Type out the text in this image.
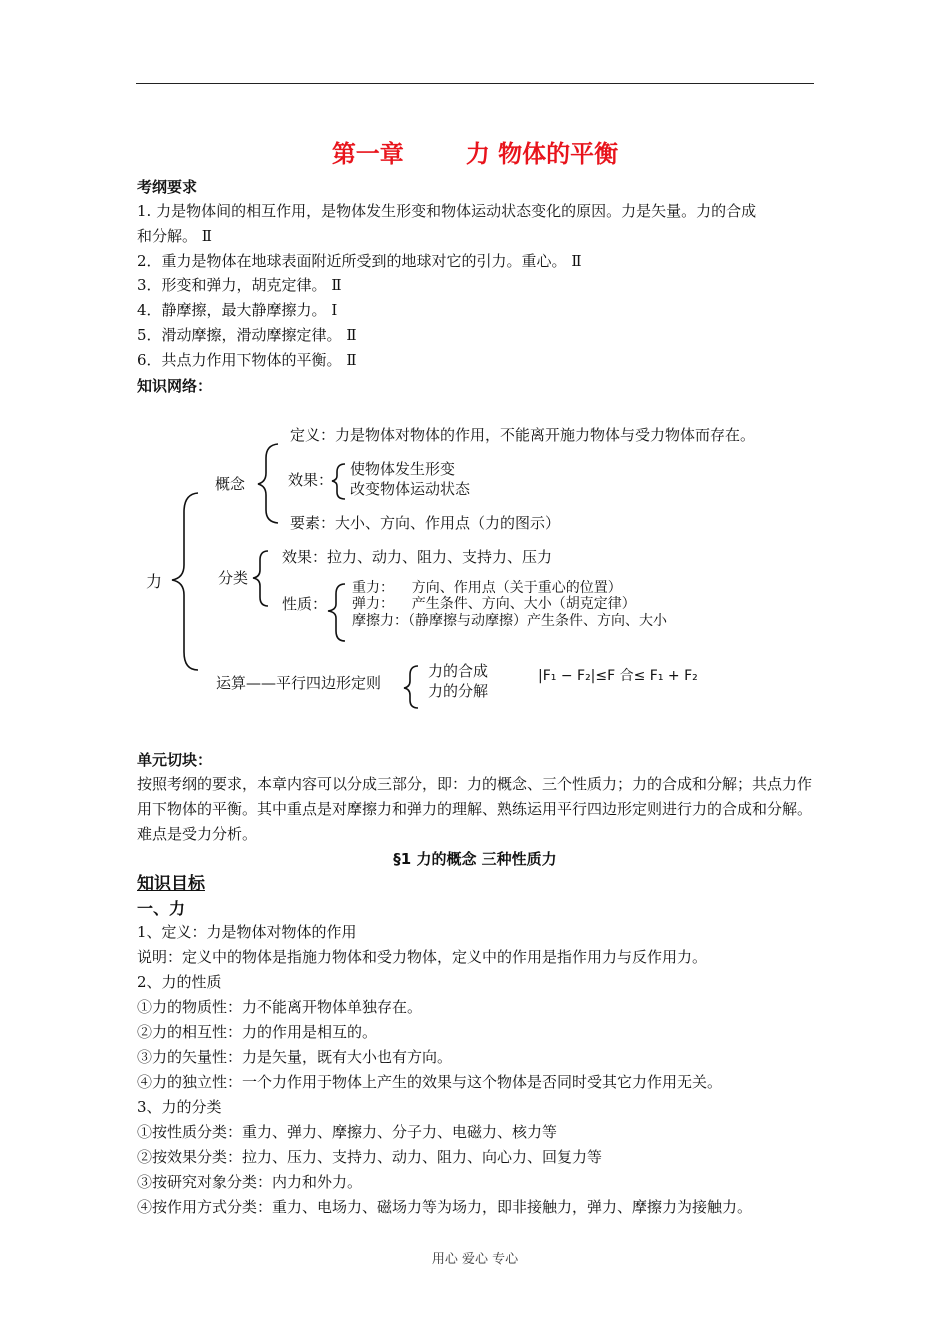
第一章	力 物体的平衡
考纲要求
1. 力是物体间的相互作用，是物体发生形变和物体运动状态变化的原因。力是矢量。力的合成
和分解。 Ⅱ
2．重力是物体在地球表面附近所受到的地球对它的引力。重心。 Ⅱ
3．形变和弹力，胡克定律。 Ⅱ
4．静摩擦，最大静摩擦力。 Ⅰ
5．滑动摩擦，滑动摩擦定律。 Ⅱ
6．共点力作用下物体的平衡。 Ⅱ
知识网络：
力
概念
定义：力是物体对物体的作用，不能离开施力物体与受力物体而存在。
效果：
使物体发生形变
改变物体运动状态
要素：大小、方向、作用点（力的图示）
分类
效果：拉力、动力、阻力、支持力、压力
性质：
重力：    方向、作用点（关于重心的位置）
弹力：    产生条件、方向、大小（胡克定律）
摩擦力：（静摩擦与动摩擦）产生条件、方向、大小
运算——平行四边形定则
力的合成
力的分解
|F₁ − F₂|≤F 合≤ F₁ + F₂
单元切块：
按照考纲的要求，本章内容可以分成三部分，即：力的概念、三个性质力；力的合成和分解；共点力作用下物体的平衡。其中重点是对摩擦力和弹力的理解、熟练运用平行四边形定则进行力的合成和分解。难点是受力分析。
§1 力的概念 三种性质力
知识目标
一、力
1、定义：力是物体对物体的作用
说明：定义中的物体是指施力物体和受力物体，定义中的作用是指作用力与反作用力。
2、力的性质
①力的物质性：力不能离开物体单独存在。
②力的相互性：力的作用是相互的。
③力的矢量性：力是矢量，既有大小也有方向。
④力的独立性：一个力作用于物体上产生的效果与这个物体是否同时受其它力作用无关。
3、力的分类
①按性质分类：重力、弹力、摩擦力、分子力、电磁力、核力等
②按效果分类：拉力、压力、支持力、动力、阻力、向心力、回复力等
③按研究对象分类：内力和外力。
④按作用方式分类：重力、电场力、磁场力等为场力，即非接触力，弹力、摩擦力为接触力。
用心 爱心 专心
